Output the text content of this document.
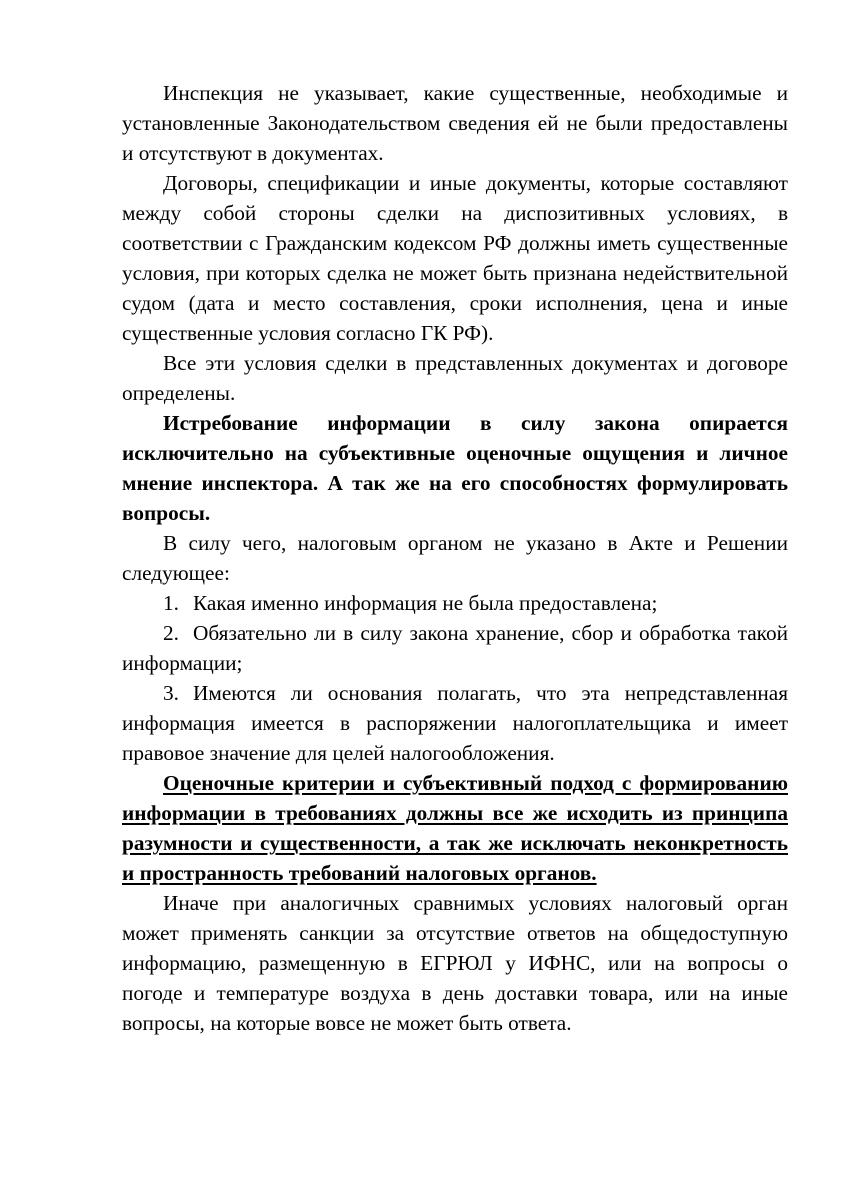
Инспекция не указывает, какие существенные, необходимые и установленные Законодательством сведения ей не были предоставлены и отсутствуют в документах.

Договоры, спецификации и иные документы, которые составляют между собой стороны сделки на диспозитивных условиях, в соответствии с Гражданским кодексом РФ должны иметь существенные условия, при которых сделка не может быть признана недействительной судом (дата и место составления, сроки исполнения, цена и иные существенные условия согласно ГК РФ).

Все эти условия сделки в представленных документах и договоре определены.

Истребование информации в силу закона опирается исключительно на субъективные оценочные ощущения и личное мнение инспектора. А так же на его способностях формулировать вопросы.

В силу чего, налоговым органом не указано в Акте и Решении следующее:

1. Какая именно информация не была предоставлена;

2. Обязательно ли в силу закона хранение, сбор и обработка такой информации;

3. Имеются ли основания полагать, что эта непредставленная информация имеется в распоряжении налогоплательщика и имеет правовое значение для целей налогообложения.

Оценочные критерии и субъективный подход с формированию информации в требованиях должны все же исходить из принципа разумности и существенности, а так же исключать неконкретность и пространность требований налоговых органов.

Иначе при аналогичных сравнимых условиях налоговый орган может применять санкции за отсутствие ответов на общедоступную информацию, размещенную в ЕГРЮЛ у ИФНС, или на вопросы о погоде и температуре воздуха в день доставки товара, или на иные вопросы, на которые вовсе не может быть ответа.
